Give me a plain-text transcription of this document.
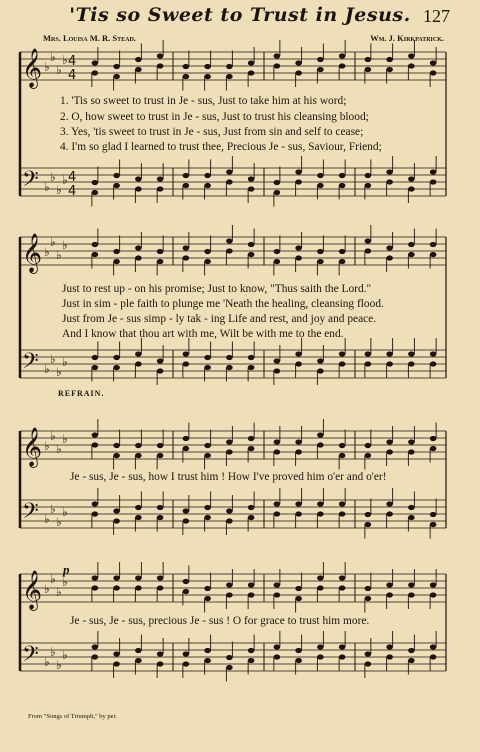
'Tis so Sweet to Trust in Jesus. 127
Mrs. Louisa M. R. Stead.	Wm. J. Kirkpatrick.
𝄞
𝄢
♭
♭
♭
♭
♭
♭
♭
♭
4
4
4
4
𝄞
𝄢
♭
♭
♭
♭
♭
♭
♭
♭
𝄞
𝄢
♭
♭
♭
♭
♭
♭
♭
♭
𝄞
𝄢
♭
♭
♭
♭
♭
♭
♭
♭
1. 'Tis so sweet to trust in Je - sus, Just to take him at his word;
2. O, how sweet to trust in Je - sus, Just to trust his cleansing blood;
3. Yes, 'tis sweet to trust in Je - sus, Just from sin and self to cease;
4. I'm so glad I learned to trust thee, Precious Je - sus, Saviour, Friend;
Just to rest up - on his promise; Just to know, "Thus saith the Lord."
Just in sim - ple faith to plunge me 'Neath the healing, cleansing flood.
Just from Je - sus simp - ly tak - ing Life and rest, and joy and peace.
And I know that thou art with me, Wilt be with me to the end.
REFRAIN.
Je - sus, Je - sus, how I trust him ! How I've proved him o'er and o'er!
p
Je - sus, Je - sus, precious Je - sus ! O for grace to trust him more.
From "Songs of Triumph," by per.
